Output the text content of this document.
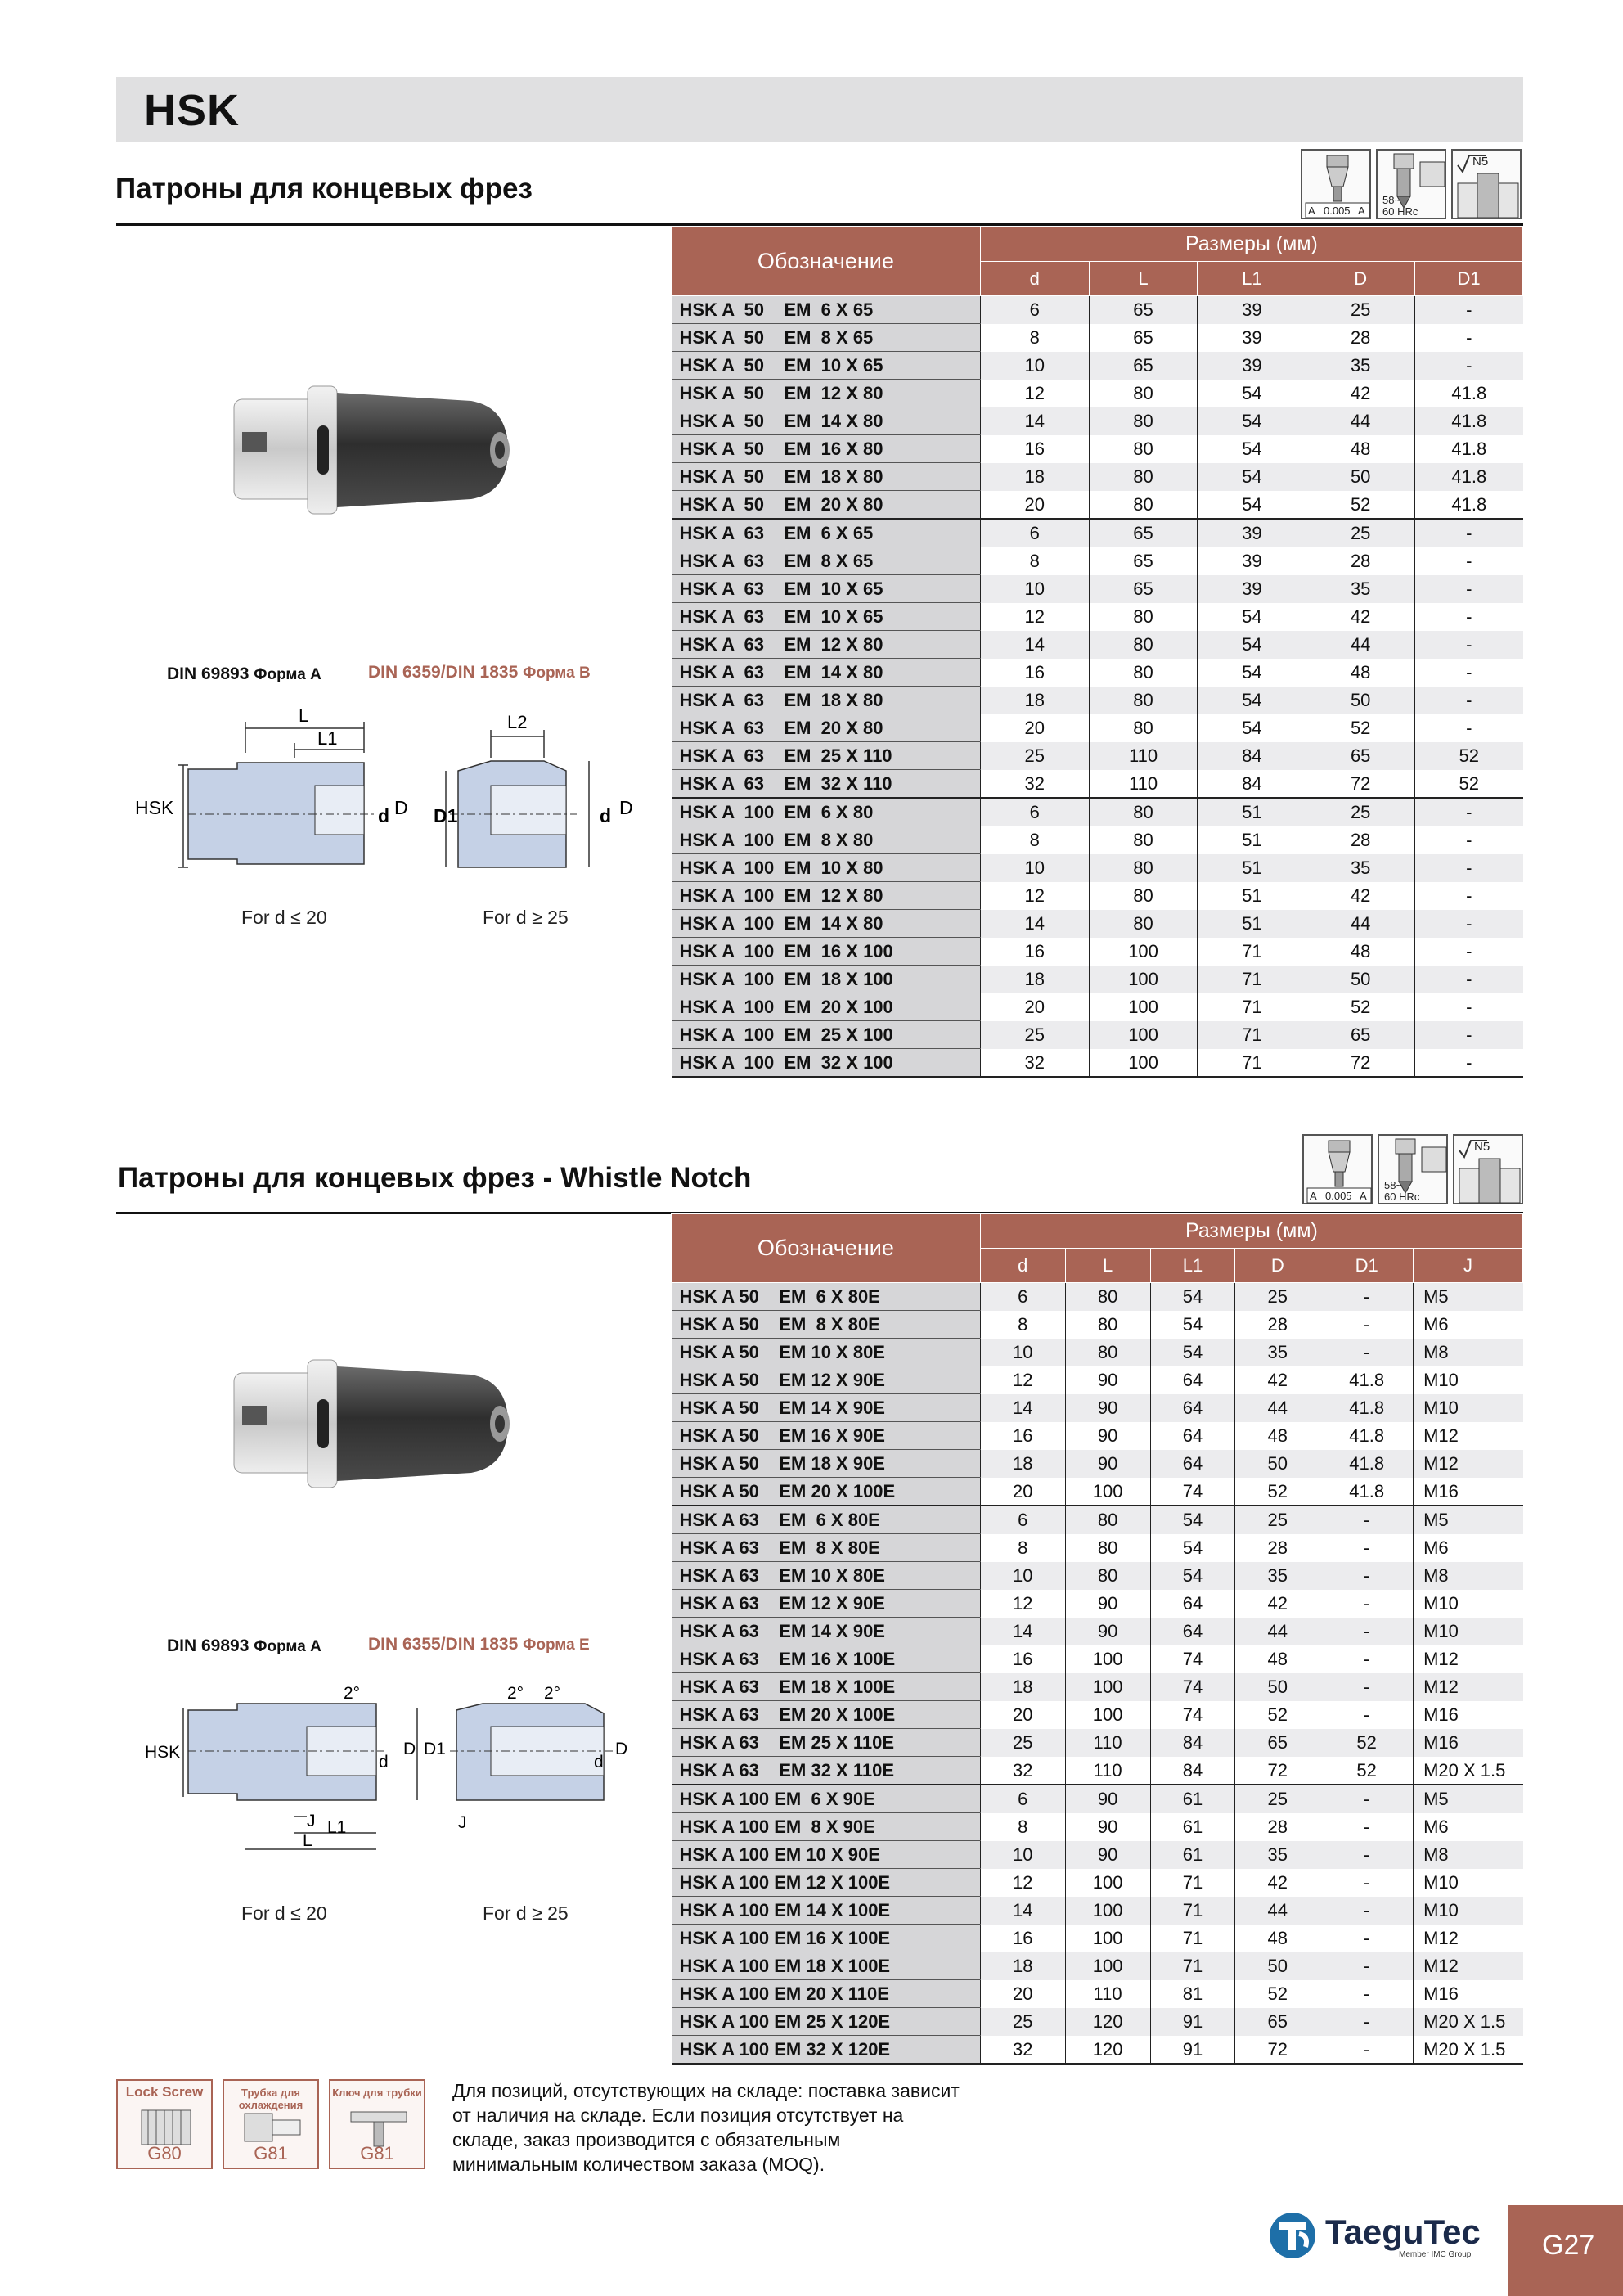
HSK
Патроны для концевых фрез
A 0.005 A
58~
60 HRc
N5
DIN 69893 Форма A	DIN 6359/DIN 1835 Форма B
L
L1
HSK	d D
L2
D1	d D
For d ≤ 20	For d ≥ 25
Обозначение	Размеры (мм)				
	d	L	L1	D	D1
HSK A  50    EM  6 X 65	6	65	39	25	-
HSK A  50    EM  8 X 65	8	65	39	28	-
HSK A  50    EM  10 X 65	10	65	39	35	-
HSK A  50    EM  12 X 80	12	80	54	42	41.8
HSK A  50    EM  14 X 80	14	80	54	44	41.8
HSK A  50    EM  16 X 80	16	80	54	48	41.8
HSK A  50    EM  18 X 80	18	80	54	50	41.8
HSK A  50    EM  20 X 80	20	80	54	52	41.8
HSK A  63    EM  6 X 65	6	65	39	25	-
HSK A  63    EM  8 X 65	8	65	39	28	-
HSK A  63    EM  10 X 65	10	65	39	35	-
HSK A  63    EM  10 X 65	12	80	54	42	-
HSK A  63    EM  12 X 80	14	80	54	44	-
HSK A  63    EM  14 X 80	16	80	54	48	-
HSK A  63    EM  18 X 80	18	80	54	50	-
HSK A  63    EM  20 X 80	20	80	54	52	-
HSK A  63    EM  25 X 110	25	110	84	65	52
HSK A  63    EM  32 X 110	32	110	84	72	52
HSK A  100  EM  6 X 80	6	80	51	25	-
HSK A  100  EM  8 X 80	8	80	51	28	-
HSK A  100  EM  10 X 80	10	80	51	35	-
HSK A  100  EM  12 X 80	12	80	51	42	-
HSK A  100  EM  14 X 80	14	80	51	44	-
HSK A  100  EM  16 X 100	16	100	71	48	-
HSK A  100  EM  18 X 100	18	100	71	50	-
HSK A  100  EM  20 X 100	20	100	71	52	-
HSK A  100  EM  25 X 100	25	100	71	65	-
HSK A  100  EM  32 X 100	32	100	71	72	-
Патроны для концевых фрез - Whistle Notch
A 0.005 A
58~
60 HRc
N5
DIN 69893 Форма A	DIN 6355/DIN 1835 Форма E
2°	2° 2°
HSK
d
D D1
J L1
L
J
d
D
For d ≤ 20	For d ≥ 25
Обозначение	Размеры (мм)					
	d	L	L1	D	D1	J
HSK A 50    EM  6 X 80E	6	80	54	25	-	M5
HSK A 50    EM  8 X 80E	8	80	54	28	-	M6
HSK A 50    EM 10 X 80E	10	80	54	35	-	M8
HSK A 50    EM 12 X 90E	12	90	64	42	41.8	M10
HSK A 50    EM 14 X 90E	14	90	64	44	41.8	M10
HSK A 50    EM 16 X 90E	16	90	64	48	41.8	M12
HSK A 50    EM 18 X 90E	18	90	64	50	41.8	M12
HSK A 50    EM 20 X 100E	20	100	74	52	41.8	M16
HSK A 63    EM  6 X 80E	6	80	54	25	-	M5
HSK A 63    EM  8 X 80E	8	80	54	28	-	M6
HSK A 63    EM 10 X 80E	10	80	54	35	-	M8
HSK A 63    EM 12 X 90E	12	90	64	42	-	M10
HSK A 63    EM 14 X 90E	14	90	64	44	-	M10
HSK A 63    EM 16 X 100E	16	100	74	48	-	M12
HSK A 63    EM 18 X 100E	18	100	74	50	-	M12
HSK A 63    EM 20 X 100E	20	100	74	52	-	M16
HSK A 63    EM 25 X 110E	25	110	84	65	52	M16
HSK A 63    EM 32 X 110E	32	110	84	72	52	M20 X 1.5
HSK A 100 EM  6 X 90E	6	90	61	25	-	M5
HSK A 100 EM  8 X 90E	8	90	61	28	-	M6
HSK A 100 EM 10 X 90E	10	90	61	35	-	M8
HSK A 100 EM 12 X 100E	12	100	71	42	-	M10
HSK A 100 EM 14 X 100E	14	100	71	44	-	M10
HSK A 100 EM 16 X 100E	16	100	71	48	-	M12
HSK A 100 EM 18 X 100E	18	100	71	50	-	M12
HSK A 100 EM 20 X 110E	20	110	81	52	-	M16
HSK A 100 EM 25 X 120E	25	120	91	65	-	M20 X 1.5
HSK A 100 EM 32 X 120E	32	120	91	72	-	M20 X 1.5
Lock Screw
G80
Трубка для охлаждения
G81
Ключ для трубки
G81
Для позиций, отсутствующих на складе: поставка зависит от наличия на складе. Если позиция отсутствует на складе, заказ производится с обязательным минимальным количеством заказа (MOQ).
TaeguTec
Member IMC Group	G27
